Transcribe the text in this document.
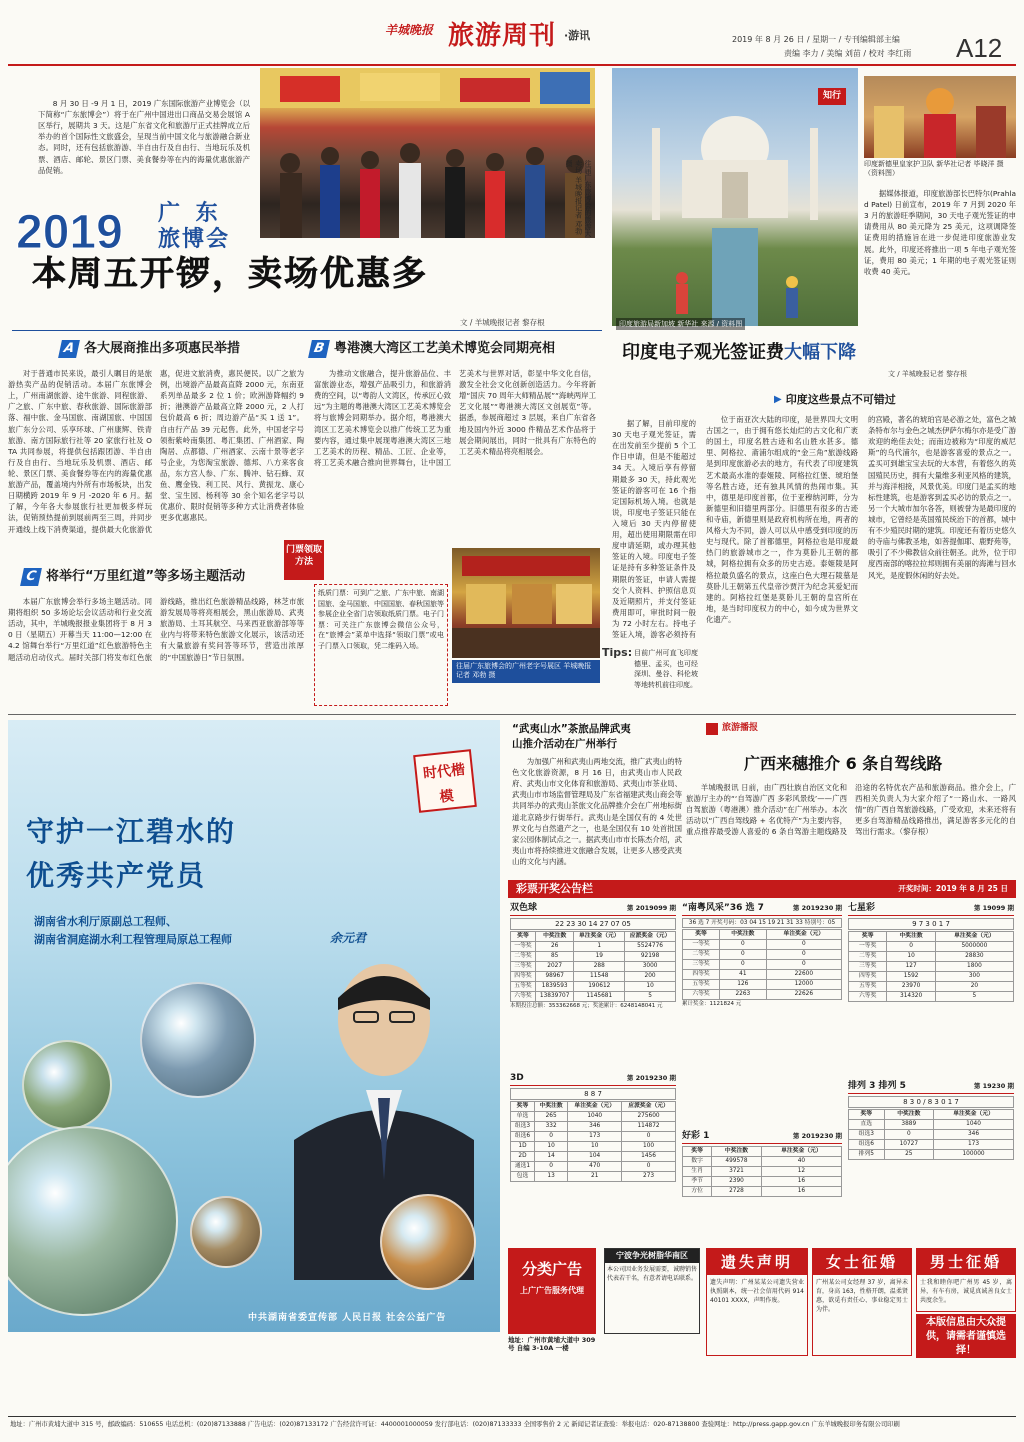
羊城晚报 旅游周刊 ·游讯	2019 年 8 月 26 日 / 星期一 / 专刊编辑部主编
责编 李力 / 美编 刘苗 / 校对 李红雨 A12
往届广东旅博会的旅游大卖场 羊城晚报记者 邓勃 摄
8 月 30 日 -9 月 1 日，2019 广东国际旅游产业博览会（以下简称“广东旅博会”）将于在广州中国进出口商品交易会展馆 A 区举行，展期共 3 天。这是广东省文化和旅游厅正式挂牌成立后举办的首个国际性文旅盛会，呈现当前中国文化与旅游融合新业态。同时，还有包括旅游游、半自由行及自由行、当地玩乐及机票、酒店、邮轮、景区门票、美食餐券等在内的海量优惠旅游产品促销。
2019 广 东
旅博会
本周五开锣，卖场优惠多
文 / 羊城晚报记者 黎存根
A 各大展商推出多项惠民举措
对于普通市民来说，最引人瞩目的是旅游热卖产品的促销活动。本届广东旅博会上，广州南湖旅游、途牛旅游、同程旅游、广之旅、广东中旅、春秋旅游、国际旅游部落、福中旅、金马国旅、南湖国旅、中国国旅广东分公司、乐享环球、广州康辉、铁青旅游、南方国际旅行社等 20 家旅行社及 OTA 共同参展，将提供包括跟团游、半自由行及自由行、当地玩乐及机票、酒店、邮轮、景区门票、美食餐券等在内的海量优惠旅游产品，覆盖境内外所有市场板块，出发日期横跨 2019 年 9 月 -2020 年 6 月。据了解，今年各大参展旅行社更加极多样玩法，促销预热提前到展前两至三周，并同步开通线上线下消费渠道，提供最大化旅游优惠，促进文旅消费，惠民便民。以广之旅为例，出境游产品最高直降 2000 元，东南亚系列单品最多 2 位 1 价；欧洲游降幅约 9 折；港澳游产品最高立降 2000 元，2 人打包价最高 6 折；周边游产品“买 1 送 1”。自由行产品 39 元起售。此外，中国老字号领衔紫岭南集团、粤汇集团、广州酒家、陶陶居、点都德、广州酒家、云南十景等老字号企业，为您淘宝旅游、德邦、八方来客食品，东方宫人参、广东、腾冲、钻石蜂、双鱼、鹰金钱、利工民、风行、黄振龙、康心堂、宝生园、杨利等 30 余个知名老字号以优惠价、限时促销等多种方式让消费者体验更多优惠惠民。
B 粤港澳大湾区工艺美术博览会同期亮相
为推动文旅融合，提升旅游品位、丰富旅游业态，增强产品吸引力，和旅游消费的空间，以“粤韵人文湾区，传承匠心致远”为主题的粤港澳大湾区工艺美术博览会将与旅博会同期举办。据介绍，粤港澳大湾区工艺美术博览会以推广传统工艺为重要内容，通过集中展现粤港澳大湾区三地工艺美术的历程、精品、工匠、企业等，将工艺美术融合推向世界舞台，让中国工艺美术与世界对话，彰显中华文化自信，激发全社会文化创新创造活力。今年将新增“国庆 70 周年大师精品展”“海峡两岸工艺文化展”“粤港澳大湾区文创展览”等。据悉，参展商超过 3 层展，来自广东省各地及国内外近 3000 件精品艺术作品将于展会期间展出，同时一批具有广东特色的工艺美术精品将亮相展会。
C 将举行“万里红道”等多场主题活动
本届广东旅博会举行多场主题活动。同期将组织 50 多场论坛会议活动和行业交流活动，其中，羊城晚报报业集团将于 8 月 30 日（星期五）开幕当天 11:00—12:00 在 4.2 馆舞台举行“万里红道”红色旅游特色主题活动启动仪式。届时关部门将发布红色旅游线路，推出红色旅游精品线路，林芝市旅游发展局等将亮相展会，黑山旅游局、武夷旅游局、土耳其航空、马来西亚旅游部等等业内与将带来特色旅游文化展示，该活动还有大量旅游有奖问答等环节，营造出浓厚的“中国旅游日”节日氛围。
门票领取方法
纸质门票：可到广之旅、广东中旅、南湖国旅、金马国旅、中国国旅、春秋国旅等参展企业全省门店领取纸质门票。电子门票：可关注广东旅博会微信公众号，在“旅博会”菜单中选择“领取门票”或电子门票入口领取，凭二维码入场。
往届广东旅博会的广州老字号展区 羊城晚报记者 邓勃 摄
印度旅游局新加坡 新华社 来源 / 资料图
知行
印度新德里皇家护卫队 新华社记者 毕晓洋 摄（资料图）
据媒体报道，印度旅游部长巴特尔(Prahlad Patel) 日前宣布，2019 年 7 月到 2020 年 3 月的旅游旺季期间，30 天电子观光签证的申请费用从 80 美元降为 25 美元，这项调降签证费用的措施旨在进一步促进印度旅游业发展。此外，印度还将推出一项 5 年电子观光签证，费用 80 美元；1 年期的电子观光签证则收费 40 美元。
印度电子观光签证费 大幅下降
文 / 羊城晚报记者 黎存根
据了解，目前印度的 30 天电子观光签证，需在出发前至少提前 5 个工作日申请，但是不能超过 34 天。入境后享有停留期最多 30 天，持此观光签证的游客可在 16 个指定国际机场入境。也就是说，印度电子签证只能在入境后 30 天内停留使用，超出使用期限需在印度申请延期，或办理其他签证的入境。印度电子签证是持有多种签证条件及期限的签证，申请人需提交个人资料、护照信息页及近期照片，并支付签证费用即可，审批时间一般为 72 小时左右。持电子签证入境，游客必须持有
Tips: 目前广州可直飞印度德里、孟买，也可经深圳、曼谷、科伦坡等地转机前往印度。
▶ 印度这些景点不可错过
位于南亚次大陆的印度，是世界四大文明古国之一，由于拥有悠长灿烂的古文化和广袤的国土，印度名胜古迹和名山胜水甚多。德里、阿格拉、斋浦尔组成的“金三角”旅游线路是到印度旅游必去的地方，有代表了印度建筑艺术最高水准的泰姬陵、阿格拉红堡、琥珀堡等名胜古迹，还有独具风情的热闹市集。其中，德里是印度首都，位于亚穆纳河畔，分为新德里和旧德里两部分。旧德里有很多的古迹和寺庙，新德里则是政府机构所在地，两者的风格大为不同，游人可以从中感受到印度的历史与现代。除了首都德里，阿格拉也是印度最热门的旅游城市之一，作为莫卧儿王朝的都城，阿格拉拥有众多的历史古迹。泰姬陵是阿格拉最负盛名的景点，这座白色大理石陵墓是莫卧儿王朝第五代皇帝沙贾汗为纪念其爱妃而建的。阿格拉红堡是莫卧儿王朝的皇宫所在地，是当时印度权力的中心，如今成为世界文化遗产。
的宫殿，著名的琥珀宫是必游之处，富色之城条特布尔与金色之城杰伊萨尔梅尔亦是受广游欢迎的绝佳去处；而南边被称为“印度的威尼斯”的乌代浦尔，也是游客喜爱的景点之一。孟买可到雄宝宝去玩的大本营，有着悠久的英国殖民历史，拥有大量维多利亚风格的建筑，并与海洋相接，风景优美。印度门是孟买的地标性建筑，也是游客到孟买必访的景点之一。另一个大城市加尔各答，则被誉为是最印度的城市，它曾经是英国殖民统治下的首都，城中有不少殖民时期的建筑。印度还有着历史悠久的寺庙与佛教圣地，如菩提伽耶、鹿野苑等，吸引了不少佛教信众前往朝圣。此外，位于印度西南部的喀拉拉邦则拥有美丽的海滩与回水风光，是度假休闲的好去处。
守护一江碧水的
优秀共产党员
时代楷模
湖南省水利厅原副总工程师、
湖南省洞庭湖水利工程管理局原总工程师	余元君
中共湖南省委宣传部 人民日报 社会公益广告
“武夷山水”茶旅品牌武夷
山推介活动在广州举行
为加强广州和武夷山两地交流，推广武夷山的特色文化旅游资源，8 月 16 日，由武夷山市人民政府、武夷山市文化体育和旅游局、武夷山市茶业局、武夷山市市场监督管理局及广东省福建武夷山商会等共同举办的武夷山茶旅文化品牌推介会在广州地标街道北京路步行街举行。武夷山是全国仅有的 4 处世界文化与自然遗产之一，也是全国仅有 10 处首批国家公园体制试点之一。据武夷山市市长陈杰介绍，武夷山市将持续推进文旅融合发展，让更多人感受武夷山的文化与内涵。
旅游播报
广西来穗推介 6 条自驾线路
羊城晚报讯 日前，由广西壮族自治区文化和旅游厅主办的“‘自驾游广西 多彩风景线’——广西自驾旅游（粤港澳）推介活动”在广州举办。本次活动以“广西自驾线路 + 名优特产”为主要内容，重点推荐最受游人喜爱的 6 条自驾游主题线路及沿途的名特优农产品和旅游商品。推介会上，广西相关负责人为大家介绍了“一路山水、一路风情”的广西自驾旅游线路，广受欢迎，未来还将有更多自驾游精品线路推出，满足游客多元化的自驾出行需求。（黎存根）
彩票开奖公告栏	开奖时间：2019 年 8 月 25 日
双色球	第 2019099 期
22 23 30 14 27 07 05
奖等	中奖注数	单注奖金（元）	应派奖金（元）
一等奖	26	1	5524776
二等奖	85	19	92198
三等奖	2027	288	3000
四等奖	98967	11548	200
五等奖	1839593	190612	10
六等奖	13839707	1145681	5
本期投注总额：353362668 元；奖池累计：6248148041 元
“南粤风采”36 选 7	第 2019230 期
36 选 7 开奖号码：03 04 15 19 21 31 33 特别号：05
奖等	中奖注数	单注奖金（元）
一等奖	0	0
二等奖	0	0
三等奖	0	0
四等奖	41	22600
五等奖	126	12000
六等奖	2263	22626
累计奖金：1121824 元
七星彩	第 19099 期
9 7 3 0 1 7
奖等	中奖注数	单注奖金（元）
一等奖	0	5000000
二等奖	10	28830
三等奖	127	1800
四等奖	1592	300
五等奖	23970	20
六等奖	314320	5
3D	第 2019230 期
8 8 7
奖等	中奖注数	单注奖金（元）	应派奖金（元）
单选	265	1040	275600
组选3	332	346	114872
组选6	0	173	0
1D	10	10	100
2D	14	104	1456
通选1	0	470	0
包选	13	21	273
好彩 1	第 2019230 期
奖等	中奖注数	单注奖金（元）
数字	499578	40
生肖	3721	12
季节	2390	16
方位	2728	16
排列 3 排列 5	第 19230 期
8 3 0 / 8 3 0 1 7
奖等	中奖注数	单注奖金（元）
直选	3889	1040
组选3	0	346
组选6	10727	173
排列5	25	100000
分类广告
上广广告服务代理
地址：广州市黄埔大道中 309 号 自编 3-10A 一楼
宁波争光树脂华南区
本公司因业务发展需要，诚聘销售代表若干名，有意者请电话联系。
遗失声明
遗失声明：广州某某公司遗失营业执照副本，统一社会信用代码 91440101 XXXX，声明作废。
女士征婚
广州某公司女经理 37 岁，离异未育，身高 163，性格开朗，温柔贤惠，欲觅有责任心、事业稳定男士为伴。
男士征婚
士我和睦你吧广州男 45 岁，离异，有车有房，诚觅真诚善良女士共度余生。
本版信息由大众提供，请需者谨慎选择！
地址：广州市黄埔大道中 315 号，邮政编码：510655 电话总机：(020)87133888 广告电话：(020)87133172 广告经营许可证：4400001000059 发行部电话：(020)87133333 全国零售价 2 元 新闻记者证查验：举报电话：020-87138800 查验网址：http://press.gapp.gov.cn 广东羊城晚报印务有限公司印刷
